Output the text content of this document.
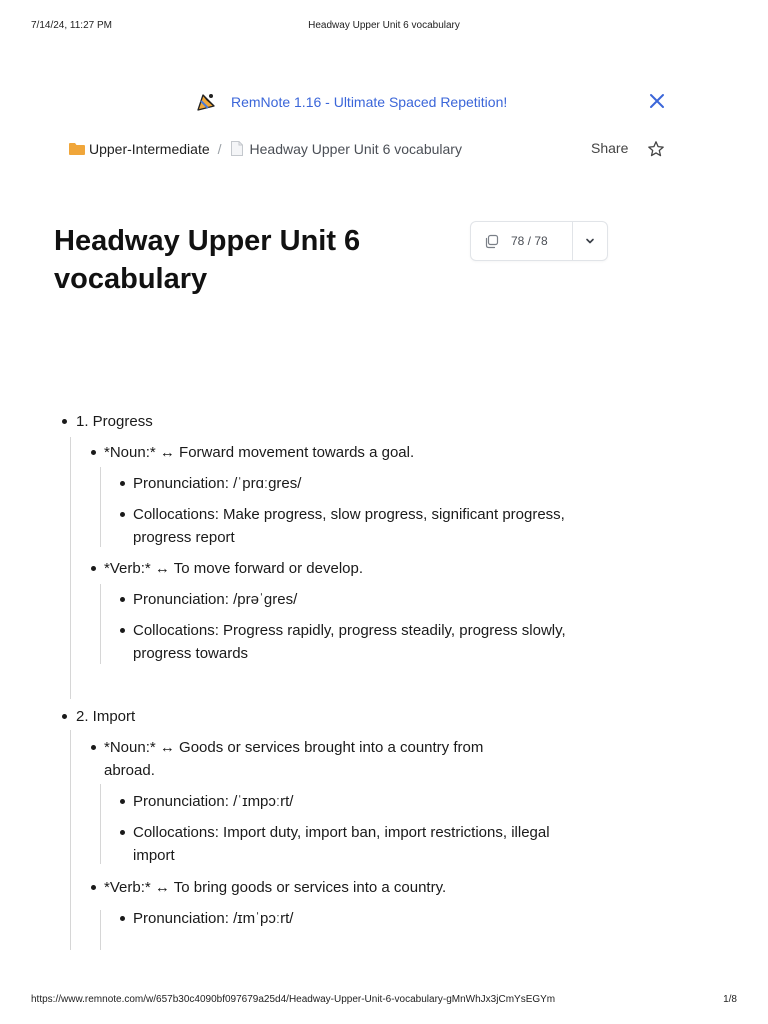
7/14/24, 11:27 PM	Headway Upper Unit 6 vocabulary
RemNote 1.16 - Ultimate Spaced Repetition!
Upper-Intermediate / Headway Upper Unit 6 vocabulary	Share
Headway Upper Unit 6 vocabulary
78 / 78
1. Progress
*Noun:* ↔ Forward movement towards a goal.
Pronunciation: /ˈprɑːgres/
Collocations: Make progress, slow progress, significant progress,
progress report
*Verb:* ↔ To move forward or develop.
Pronunciation: /prəˈgres/
Collocations: Progress rapidly, progress steadily, progress slowly,
progress towards
2. Import
*Noun:* ↔ Goods or services brought into a country from
abroad.
Pronunciation: /ˈɪmpɔːrt/
Collocations: Import duty, import ban, import restrictions, illegal
import
*Verb:* ↔ To bring goods or services into a country.
Pronunciation: /ɪmˈpɔːrt/
https://www.remnote.com/w/657b30c4090bf097679a25d4/Headway-Upper-Unit-6-vocabulary-gMnWhJx3jCmYsEGYm	1/8
